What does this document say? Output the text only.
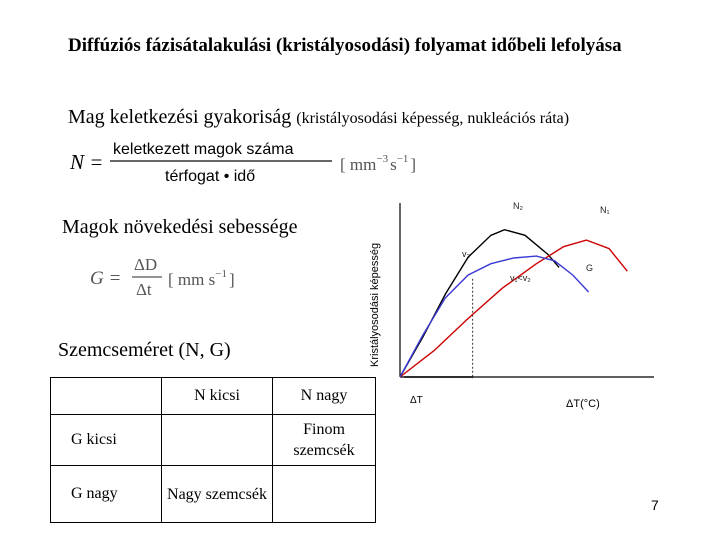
Diffúziós fázisátalakulási (kristályosodási) folyamat időbeli lefolyása
Mag keletkezési gyakoriság (kristályosodási képesség, nukleációs ráta)
N =
keletkezett magok száma
térfogat • idő
[ $mm^{-3}$ $s^{-1}$ ]
Kristályosodási képesség
ΔT(°C)
ΔT
N₂	N₁
v₂
v₁<v₂
G
Magok növekedési sebessége
G =
ΔD
Δt
[ mm $s^{-1}$ ]
Szemcseméret (N, G)
	N kicsi	N nagy
G kicsi		Finom szemcsék
G nagy	Nagy szemcsék	
7
